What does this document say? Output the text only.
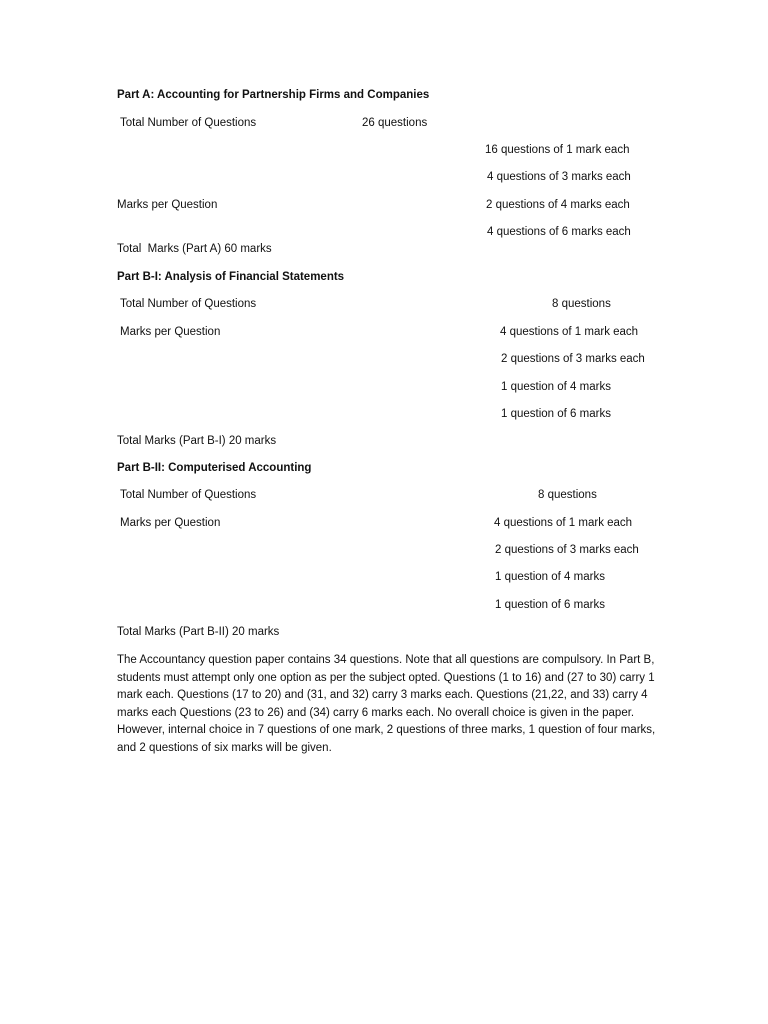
Part A: Accounting for Partnership Firms and Companies
Total Number of Questions	26 questions
16 questions of 1 mark each
4 questions of 3 marks each
Marks per Question	2 questions of 4 marks each
4 questions of 6 marks each
Total  Marks (Part A) 60 marks
Part B-I: Analysis of Financial Statements
Total Number of Questions	8 questions
Marks per Question	4 questions of 1 mark each
2 questions of 3 marks each
1 question of 4 marks
1 question of 6 marks
Total Marks (Part B-I) 20 marks
Part B-II: Computerised Accounting
Total Number of Questions	8 questions
Marks per Question	4 questions of 1 mark each
2 questions of 3 marks each
1 question of 4 marks
1 question of 6 marks
Total Marks (Part B-II) 20 marks

The Accountancy question paper contains 34 questions. Note that all questions are compulsory. In Part B, students must attempt only one option as per the subject opted. Questions (1 to 16) and (27 to 30) carry 1 mark each. Questions (17 to 20) and (31, and 32) carry 3 marks each. Questions (21,22, and 33) carry 4 marks each Questions (23 to 26) and (34) carry 6 marks each. No overall choice is given in the paper. However, internal choice in 7 questions of one mark, 2 questions of three marks, 1 question of four marks, and 2 questions of six marks will be given.
